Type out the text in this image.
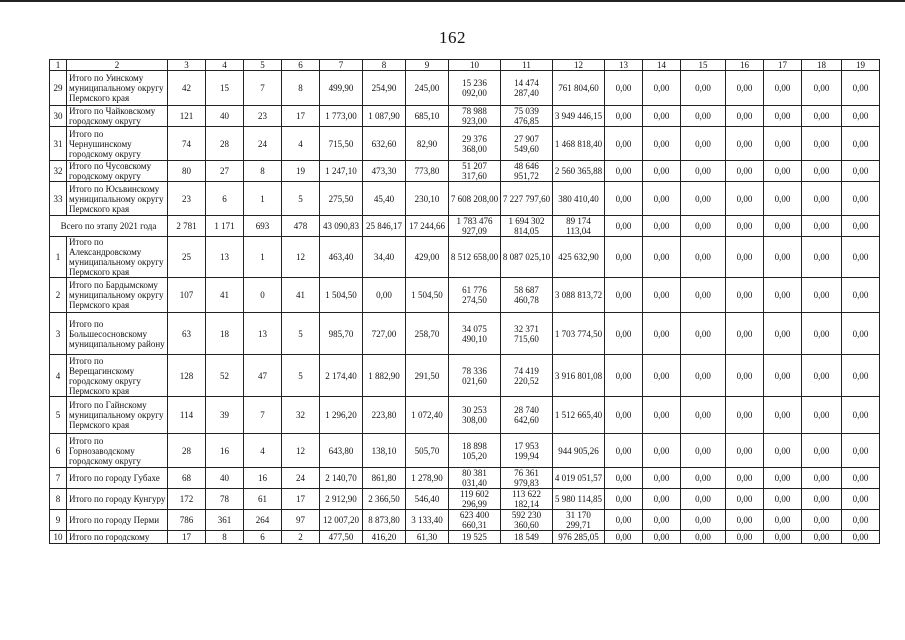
162
1	2	3	4	5	6	7	8	9	10	11	12	13	14	15	16	17	18	19
29	Итого по Уинскому муниципальному округу Пермского края	42	15	7	8	499,90	254,90	245,00	15 236 092,00	14 474 287,40	761 804,60	0,00	0,00	0,00	0,00	0,00	0,00	0,00
30	Итого по Чайковскому городскому округу	121	40	23	17	1 773,00	1 087,90	685,10	78 988 923,00	75 039 476,85	3 949 446,15	0,00	0,00	0,00	0,00	0,00	0,00	0,00
31	Итого по Чернушинскому городскому округу	74	28	24	4	715,50	632,60	82,90	29 376 368,00	27 907 549,60	1 468 818,40	0,00	0,00	0,00	0,00	0,00	0,00	0,00
32	Итого по Чусовскому городскому округу	80	27	8	19	1 247,10	473,30	773,80	51 207 317,60	48 646 951,72	2 560 365,88	0,00	0,00	0,00	0,00	0,00	0,00	0,00
33	Итого по Юсьвинскому муниципальному округу Пермского края	23	6	1	5	275,50	45,40	230,10	7 608 208,00	7 227 797,60	380 410,40	0,00	0,00	0,00	0,00	0,00	0,00	0,00
Всего по этапу 2021 года		2 781	1 171	693	478	43 090,83	25 846,17	17 244,66	1 783 476 927,09	1 694 302 814,05	89 174 113,04	0,00	0,00	0,00	0,00	0,00	0,00	0,00
1	Итого по Александровскому муниципальному округу Пермского края	25	13	1	12	463,40	34,40	429,00	8 512 658,00	8 087 025,10	425 632,90	0,00	0,00	0,00	0,00	0,00	0,00	0,00
2	Итого по Бардымскому муниципальному округу Пермского края	107	41	0	41	1 504,50	0,00	1 504,50	61 776 274,50	58 687 460,78	3 088 813,72	0,00	0,00	0,00	0,00	0,00	0,00	0,00
3	Итого по Большесосновскому муниципальному району	63	18	13	5	985,70	727,00	258,70	34 075 490,10	32 371 715,60	1 703 774,50	0,00	0,00	0,00	0,00	0,00	0,00	0,00
4	Итого по Верещагинскому городскому округу Пермского края	128	52	47	5	2 174,40	1 882,90	291,50	78 336 021,60	74 419 220,52	3 916 801,08	0,00	0,00	0,00	0,00	0,00	0,00	0,00
5	Итого по Гайнскому муниципальному округу Пермского края	114	39	7	32	1 296,20	223,80	1 072,40	30 253 308,00	28 740 642,60	1 512 665,40	0,00	0,00	0,00	0,00	0,00	0,00	0,00
6	Итого по Горнозаводскому городскому округу	28	16	4	12	643,80	138,10	505,70	18 898 105,20	17 953 199,94	944 905,26	0,00	0,00	0,00	0,00	0,00	0,00	0,00
7	Итого по городу Губахе	68	40	16	24	2 140,70	861,80	1 278,90	80 381 031,40	76 361 979,83	4 019 051,57	0,00	0,00	0,00	0,00	0,00	0,00	0,00
8	Итого по городу Кунгуру	172	78	61	17	2 912,90	2 366,50	546,40	119 602 296,99	113 622 182,14	5 980 114,85	0,00	0,00	0,00	0,00	0,00	0,00	0,00
9	Итого по городу Перми	786	361	264	97	12 007,20	8 873,80	3 133,40	623 400 660,31	592 230 360,60	31 170 299,71	0,00	0,00	0,00	0,00	0,00	0,00	0,00
10	Итого по городскому	17	8	6	2	477,50	416,20	61,30	19 525	18 549	976 285,05	0,00	0,00	0,00	0,00	0,00	0,00	0,00
